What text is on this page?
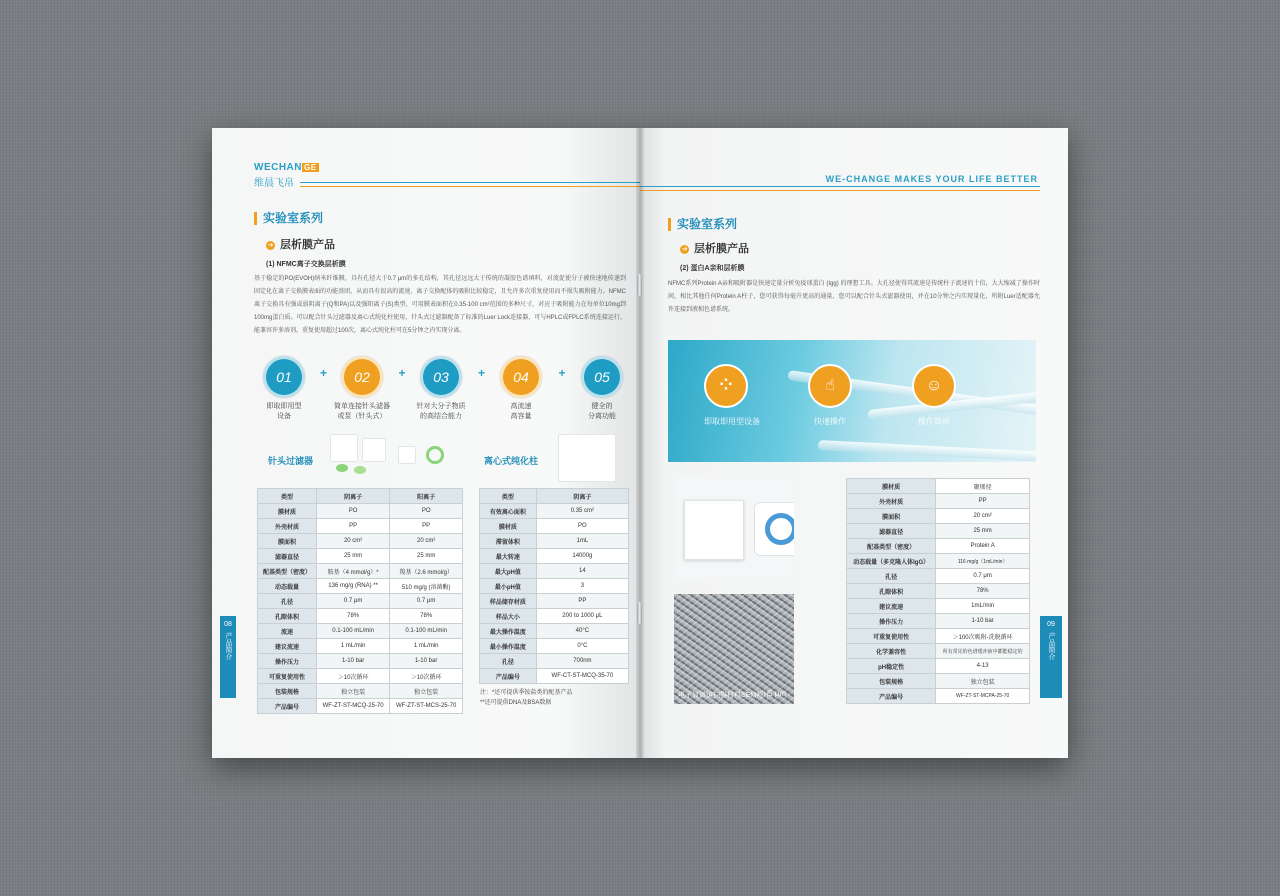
WECHAN GE
维晨飞帛
实验室系列
➔ 层析膜产品
(1) NFMC离子交换层析膜
基于稳定的PO(EVOH)纳米纤维膜，具有孔径大于0.7 μm的多孔结构，其孔径远远大于传统的凝胶色谱填料，对流促使分子被快速地传递到固定化在离子交换膜表面的功能基团，从而具有很高的流速，离子交换配体的吸附比较稳定，且允许多次重复使用而不损失吸附能力。NFMC离子交换具有强或弱阴离子(Q和PA)以及强阳离子(S)类型，可用膜表面积在0.35-100 cm²范围的多种尺寸，对应于吸附能力在每单位10mg到100mg蛋白质。可以配合针头过滤器及离心式纯化柱使用，针头式过滤器配备了标准的Luer Lock连接器，可与HPLC或FPLC系统连接运行，能兼容许多溶剂，重复使用超过100次，离心式纯化柱可在5分钟之内实现分离。
01
即取即用型
设备
+	02
简单连接针头滤器
或泵（针头式）
+	03
针对大分子物质
的高结合能力
+	04
高流速
高容量
+	05
健全的
分离功能
针头过滤器	离心式纯化柱
类型	阴离子	阳离子
膜材质	PO	PO
外壳材质	PP	PP
膜面积	20 cm²	20 cm²
滤器直径	25 mm	25 mm
配基类型（密度）	胺基（4 mmol/g）*	羧基（2.6 mmol/g）
动态载量	136 mg/g (RNA) **	510 mg/g (溶菌酶)
孔径	0.7 μm	0.7 μm
孔隙体积	78%	78%
流速	0.1-100 mL/min	0.1-100 mL/min
建议流速	1 mL/min	1 mL/min
操作压力	1-10 bar	1-10 bar
可重复使用性	＞10次循环	＞10次循环
包装规格	独立包装	独立包装
产品编号	WF-ZT-ST-MCQ-25-70	WF-ZT-ST-MCS-25-70
类型	阴离子
有效离心面积	0.35 cm²
膜材质	PO
滞留体积	1mL
最大转速	14000g
最大pH值	14
最小pH值	3
样品储存材质	PP
样品大小	200 to 1000 μL
最大操作温度	40°C
最小操作温度	0°C
孔径	700nm
产品编号	WF-CT-ST-MCQ-35-70
注：*还可提供季铵盐类的配基产品
**还可提供DNA及BSA数据
08
产品简介
WE-CHANGE MAKES YOUR LIFE BETTER
实验室系列
➔ 层析膜产品
(2) 蛋白A亲和层析膜
NFMC系列Protein A亲和吸附器是快速定量分析免疫球蛋白 (Igg) 的理想工具。大孔径使得其流速是传统柱子流速的十倍，大大缩减了操作时间，相比其他任何Protein A柱子，您可获得每毫升更高的通量，您可以配合针头式滤器使用，并在10分钟之内实现量化，所附Luer适配器允许连接到液相色谱系统。
⁘
即取即用型设备
☝
快速操作
☺
操作简单
电子显微镜扫描材料SEM照片
5 μm
膜材质	聚烯烃
外壳材质	PP
膜面积	20 cm²
滤器直径	25 mm
配基类型（密度）	Protein A
动态载量（多克隆人体IgG）	116 mg/g（1mL/min）
孔径	0.7 μm
孔隙体积	78%
建议流速	1mL/min
操作压力	1-10 bar
可重复使用性	＞100次吸附-洗脱循环
化学兼容性	所有常见的色谱缓冲液中都能稳定的
pH稳定性	4-13
包装规格	独立包装
产品编号	WF-ZT-ST-MCPA-25-70
09
产品简介
